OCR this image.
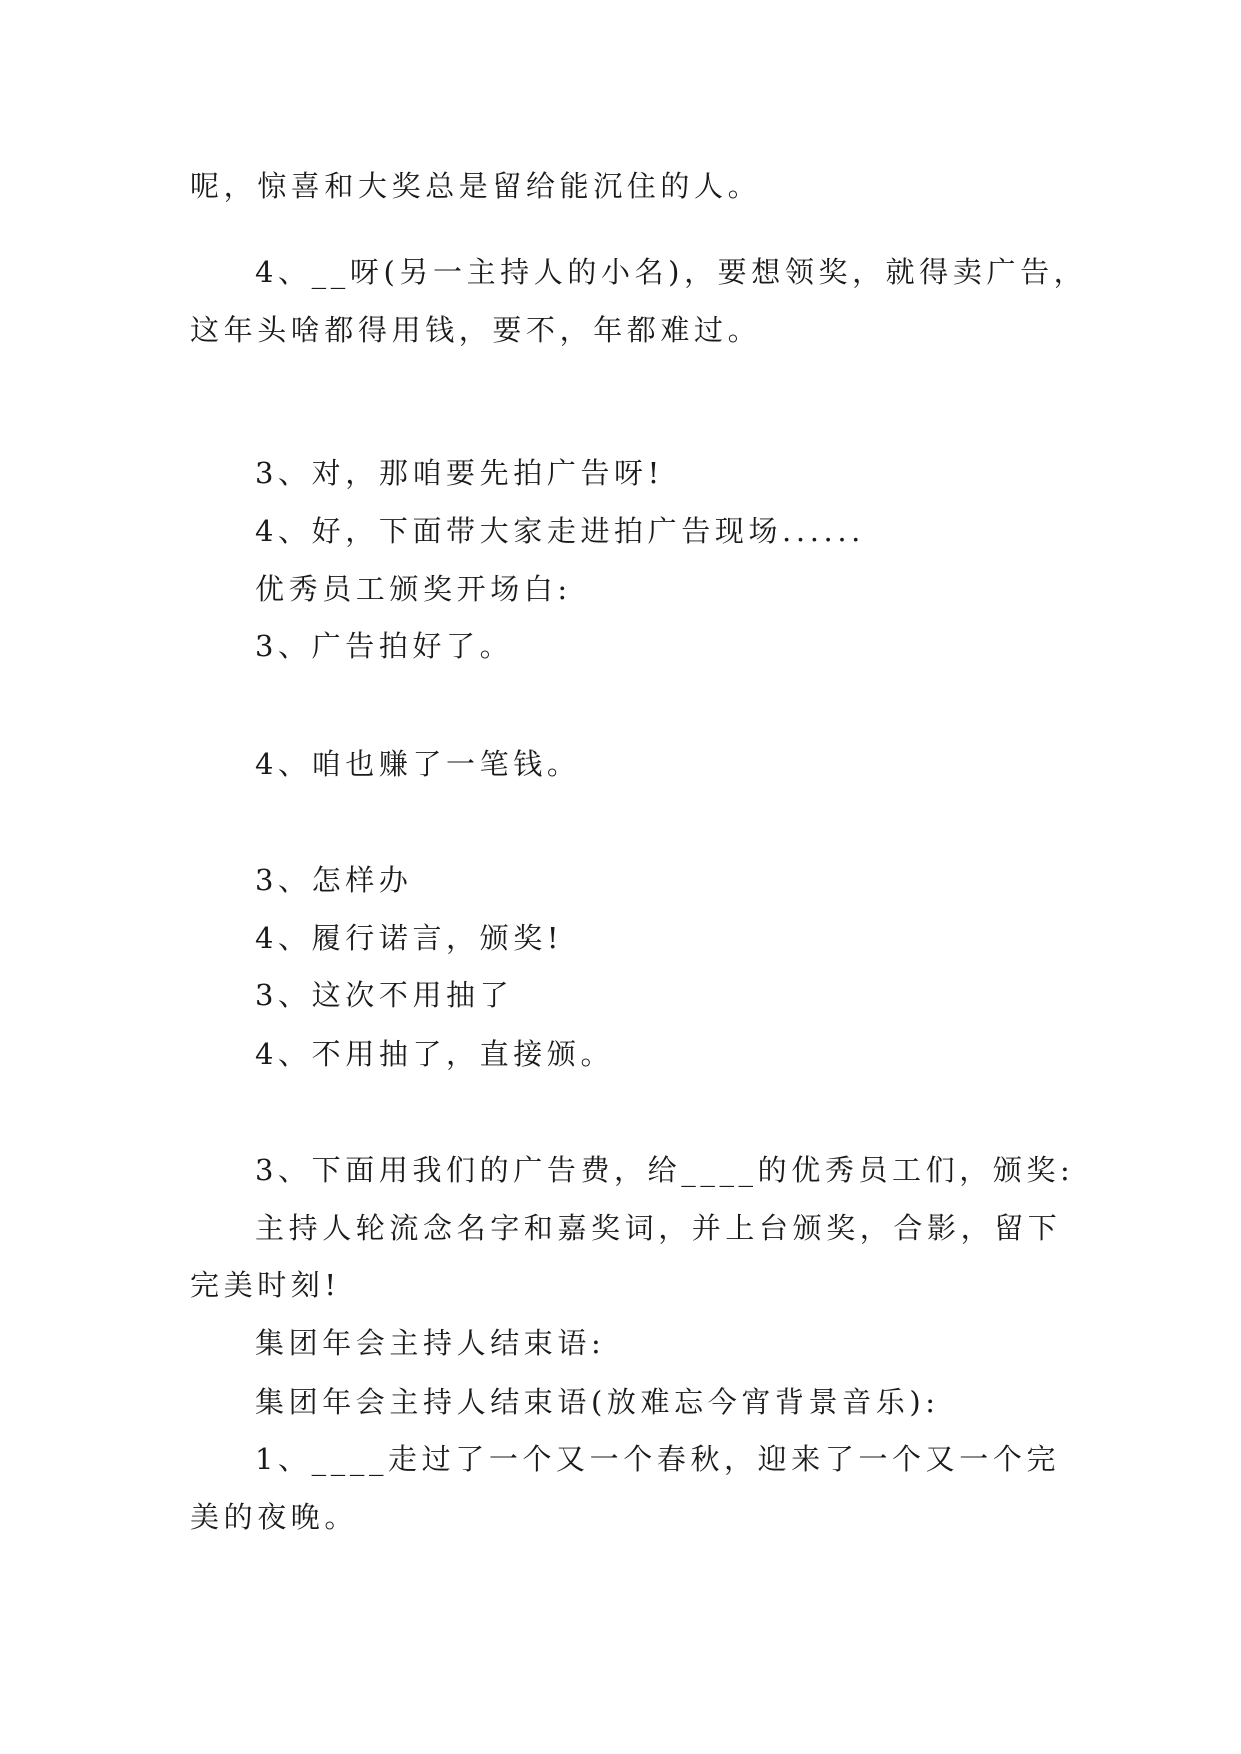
呢，惊喜和大奖总是留给能沉住的人。
4、__呀(另一主持人的小名)，要想领奖，就得卖广告，
这年头啥都得用钱，要不，年都难过。
3、对，那咱要先拍广告呀!
4、好，下面带大家走进拍广告现场......
优秀员工颁奖开场白:
3、广告拍好了。
4、咱也赚了一笔钱。
3、怎样办
4、履行诺言，颁奖!
3、这次不用抽了
4、不用抽了，直接颁。
3、下面用我们的广告费，给____的优秀员工们，颁奖:
主持人轮流念名字和嘉奖词，并上台颁奖，合影，留下
完美时刻!
集团年会主持人结束语:
集团年会主持人结束语(放难忘今宵背景音乐):
1、____走过了一个又一个春秋，迎来了一个又一个完
美的夜晚。
